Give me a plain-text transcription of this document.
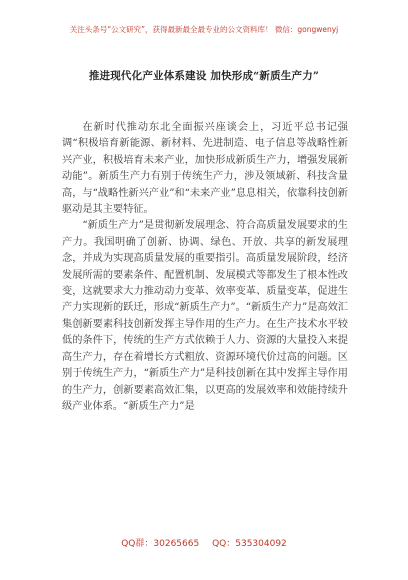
关注头条号“公文研究”，获得最新最全最专业的公文资料库！ 微信：gongwenyj
推进现代化产业体系建设 加快形成“新质生产力”

在新时代推动东北全面振兴座谈会上，习近平总书记强调“积极培育新能源、新材料、先进制造、电子信息等战略性新兴产业，积极培育未来产业，加快形成新质生产力，增强发展新动能”。新质生产力有别于传统生产力，涉及领域新、科技含量高，与“战略性新兴产业”和“未来产业”息息相关，依靠科技创新驱动是其主要特征。

“新质生产力”是贯彻新发展理念、符合高质量发展要求的生产力。我国明确了创新、协调、绿色、开放、共享的新发展理念，并成为实现高质量发展的重要指引。高质量发展阶段，经济发展所需的要素条件、配置机制、发展模式等都发生了根本性改变，这就要求大力推动动力变革、效率变革、质量变革，促进生产力实现新的跃迁，形成“新质生产力”。“新质生产力”是高效汇集创新要素科技创新发挥主导作用的生产力。在生产技术水平较低的条件下，传统的生产方式依赖于人力、资源的大量投入来提高生产力，存在着增长方式粗放、资源环境代价过高的问题。区别于传统生产力，“新质生产力”是科技创新在其中发挥主导作用的生产力，创新要素高效汇集，以更高的发展效率和效能持续升级产业体系。“新质生产力”是

QQ群：30265665 QQ：535304092
